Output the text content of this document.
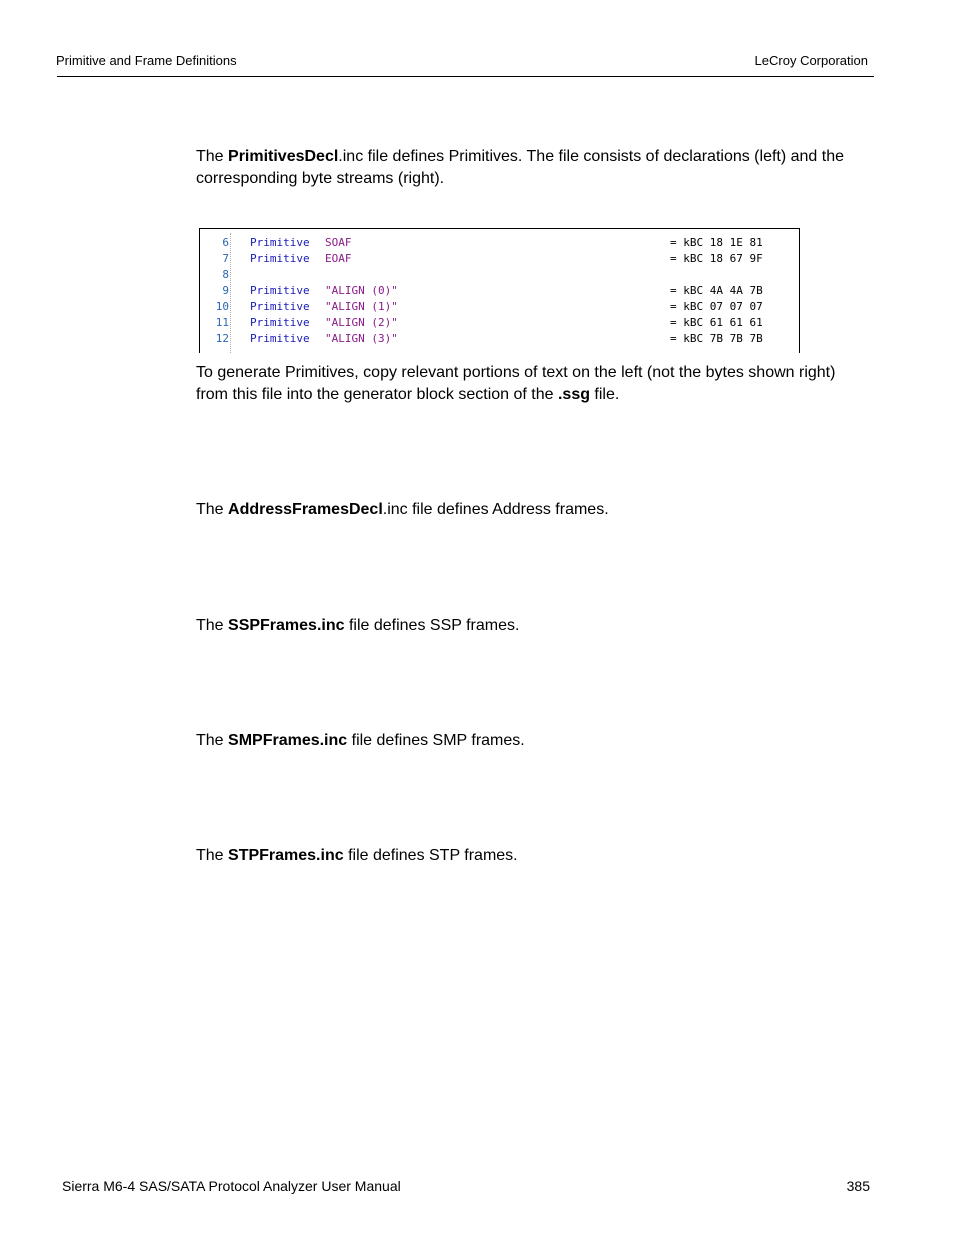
Primitive and Frame Definitions	LeCroy Corporation

The PrimitivesDecl.inc file defines Primitives. The file consists of declarations (left) and the corresponding byte streams (right).

6 Primitive SOAF	= kBC 18 1E 81
7 Primitive EOAF	= kBC 18 67 9F
8
9 Primitive "ALIGN (0)"	= kBC 4A 4A 7B
10 Primitive "ALIGN (1)"	= kBC 07 07 07
11 Primitive "ALIGN (2)"	= kBC 61 61 61
12 Primitive "ALIGN (3)"	= kBC 7B 7B 7B

To generate Primitives, copy relevant portions of text on the left (not the bytes shown right) from this file into the generator block section of the .ssg file.

The AddressFramesDecl.inc file defines Address frames.

The SSPFrames.inc file defines SSP frames.

The SMPFrames.inc file defines SMP frames.

The STPFrames.inc file defines STP frames.

Sierra M6-4 SAS/SATA Protocol Analyzer User Manual	385
